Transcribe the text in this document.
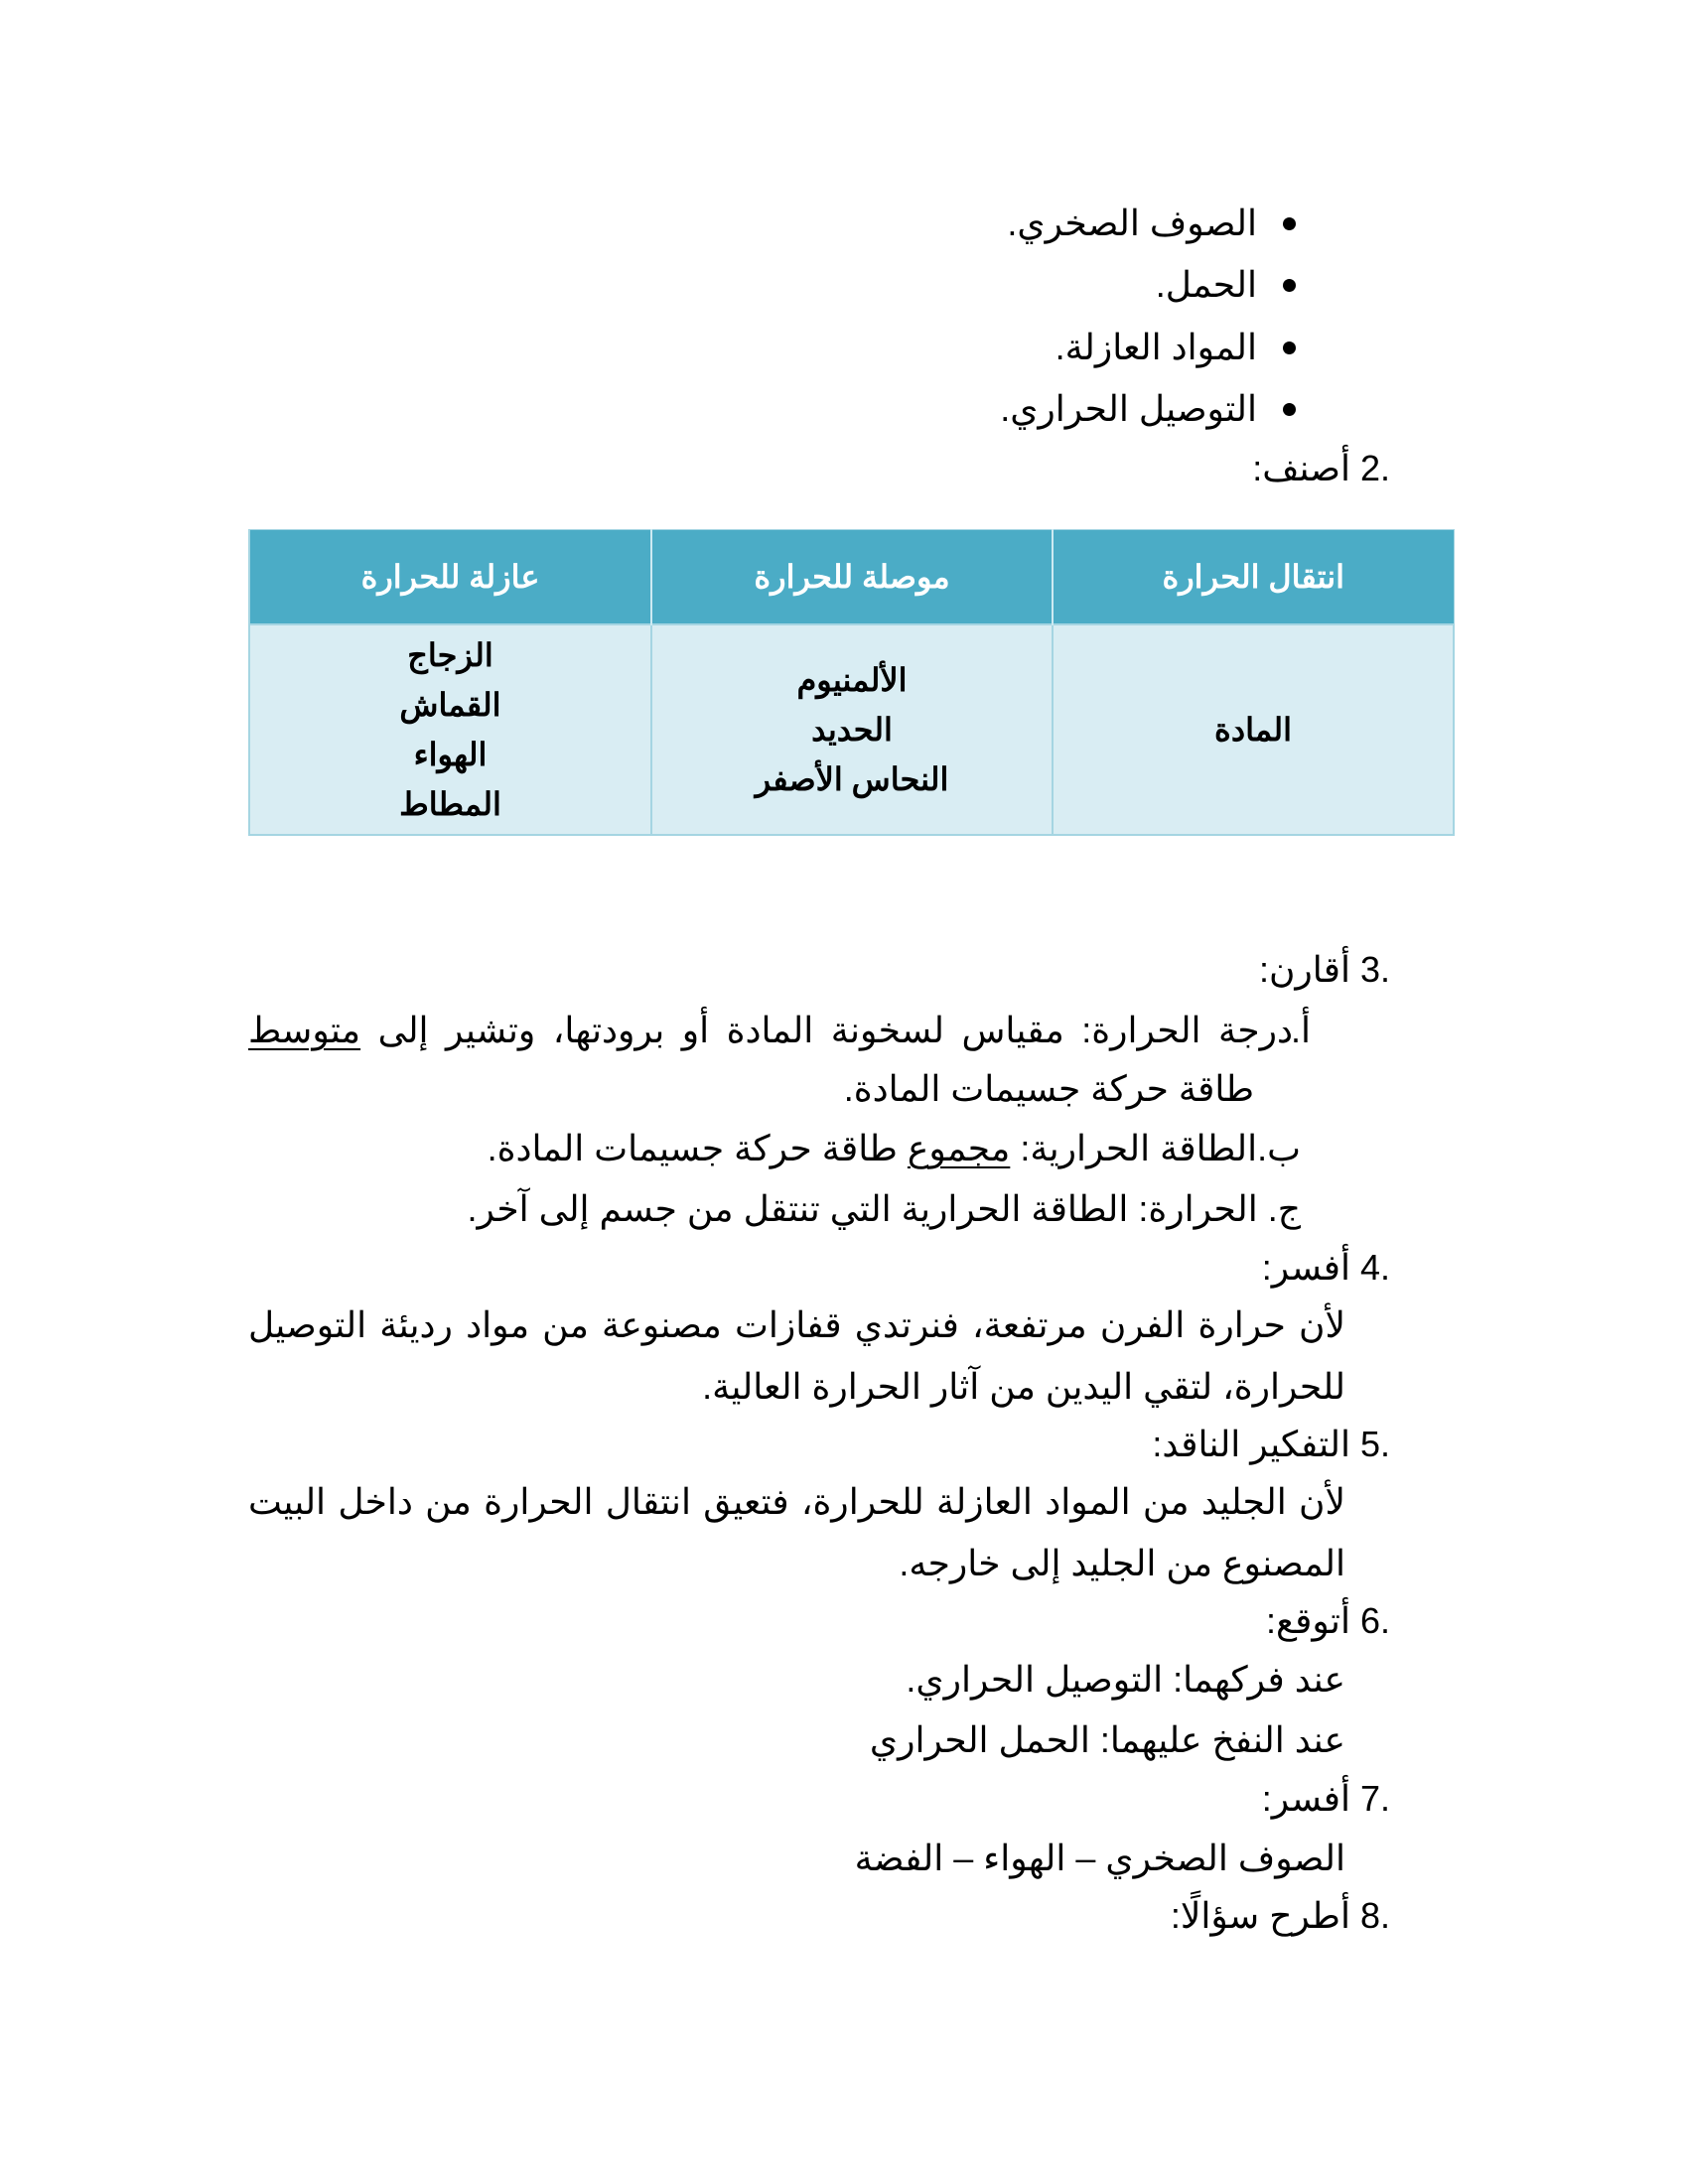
الصوف الصخري.
الحمل.
المواد العازلة.
التوصيل الحراري.
2. أصنف:
انتقال الحرارة	موصلة للحرارة	عازلة للحرارة
المادة	الألمنيوم
الحديد
النحاس الأصفر	الزجاج
القماش
الهواء
المطاط
3. أقارن:
درجة الحرارة: مقياس لسخونة المادة أو برودتها، وتشير إلى متوسط	أ.
طاقة حركة جسيمات المادة.
ب.الطاقة الحرارية: مجموع طاقة حركة جسيمات المادة.
ج. الحرارة: الطاقة الحرارية التي تنتقل من جسم إلى آخر.
4. أفسر:
لأن حرارة الفرن مرتفعة، فنرتدي قفازات مصنوعة من مواد رديئة التوصيل
للحرارة، لتقي اليدين من آثار الحرارة العالية.
5. التفكير الناقد:
لأن الجليد من المواد العازلة للحرارة، فتعيق انتقال الحرارة من داخل البيت
المصنوع من الجليد إلى خارجه.
6. أتوقع:
عند فركهما: التوصيل الحراري.
عند النفخ عليهما: الحمل الحراري
7. أفسر:
الصوف الصخري – الهواء – الفضة
8. أطرح سؤالًا:
